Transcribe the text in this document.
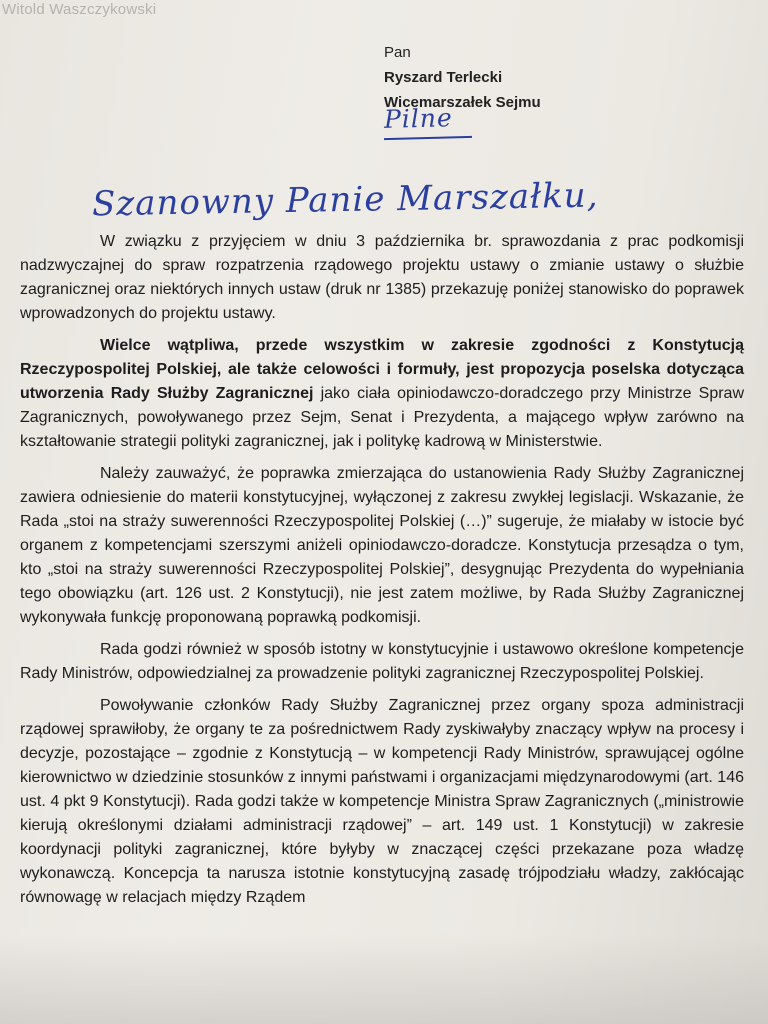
Witold Waszczykowski
Pan
Ryszard Terlecki
Wicemarszałek Sejmu
Pilne
Szanowny Panie Marszałku,

W związku z przyjęciem w dniu 3 października br. sprawozdania z prac podkomisji nadzwyczajnej do spraw rozpatrzenia rządowego projektu ustawy o zmianie ustawy o służbie zagranicznej oraz niektórych innych ustaw (druk nr 1385) przekazuję poniżej stanowisko do poprawek wprowadzonych do projektu ustawy.

Wielce wątpliwa, przede wszystkim w zakresie zgodności z Konstytucją Rzeczypospolitej Polskiej, ale także celowości i formuły, jest propozycja poselska dotycząca utworzenia Rady Służby Zagranicznej jako ciała opiniodawczo-doradczego przy Ministrze Spraw Zagranicznych, powoływanego przez Sejm, Senat i Prezydenta, a mającego wpływ zarówno na kształtowanie strategii polityki zagranicznej, jak i politykę kadrową w Ministerstwie.

Należy zauważyć, że poprawka zmierzająca do ustanowienia Rady Służby Zagranicznej zawiera odniesienie do materii konstytucyjnej, wyłączonej z zakresu zwykłej legislacji. Wskazanie, że Rada „stoi na straży suwerenności Rzeczypospolitej Polskiej (…)” sugeruje, że miałaby w istocie być organem z kompetencjami szerszymi aniżeli opiniodawczo-doradcze. Konstytucja przesądza o tym, kto „stoi na straży suwerenności Rzeczypospolitej Polskiej”, desygnując Prezydenta do wypełniania tego obowiązku (art. 126 ust. 2 Konstytucji), nie jest zatem możliwe, by Rada Służby Zagranicznej wykonywała funkcję proponowaną poprawką podkomisji.

Rada godzi również w sposób istotny w konstytucyjnie i ustawowo określone kompetencje Rady Ministrów, odpowiedzialnej za prowadzenie polityki zagranicznej Rzeczypospolitej Polskiej.

Powoływanie członków Rady Służby Zagranicznej przez organy spoza administracji rządowej sprawiłoby, że organy te za pośrednictwem Rady zyskiwałyby znaczący wpływ na procesy i decyzje, pozostające – zgodnie z Konstytucją – w kompetencji Rady Ministrów, sprawującej ogólne kierownictwo w dziedzinie stosunków z innymi państwami i organizacjami międzynarodowymi (art. 146 ust. 4 pkt 9 Konstytucji). Rada godzi także w kompetencje Ministra Spraw Zagranicznych („ministrowie kierują określonymi działami administracji rządowej” – art. 149 ust. 1 Konstytucji) w zakresie koordynacji polityki zagranicznej, które byłyby w znaczącej części przekazane poza władzę wykonawczą. Koncepcja ta narusza istotnie konstytucyjną zasadę trójpodziału władzy, zakłócając równowagę w relacjach między Rządem
